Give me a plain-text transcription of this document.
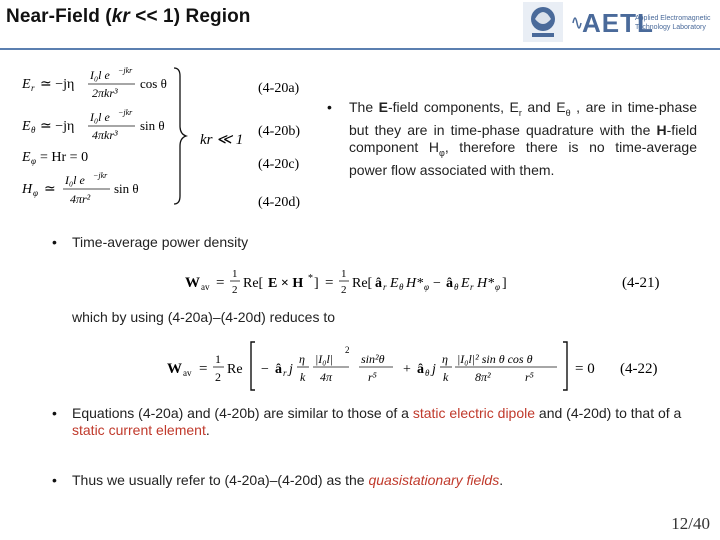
Near-Field (kr << 1) Region	AETL
Applied Electromagnetic
Technology Laboratory
E r ≃ −jη
I₀l e −jkr
2πkr³
cos θ
E θ ≃ −jη
I₀l e −jkr
4πkr³
sin θ
E φ = Hr = 0
H φ ≃
I₀l e −jkr
4πr²
sin θ
kr ≪ 1
(4-20a)
(4-20b)
(4-20c)
(4-20d)
• The E-field components, $E_r$ and $E_\theta$ , are in time-phase but they are in time-phase quadrature with the H-field component $H_\varphi$, therefore there is no time-average power flow associated with them.
• Time-average power density
W av =
1
2 Re[ E × H * ] =
1
2 Re[ â r E θ H* φ − â θ E r H* φ ]	(4-21)
which by using (4-20a)–(4-20d) reduces to
W av =
1
2 Re − â r j
η
k
|I₀l|
2
4π
sin²θ
r⁵ + â θ j
η
k
|I₀l|² sin θ cos θ
8π²	r⁵	= 0 (4-22)
• Equations (4-20a) and (4-20b) are similar to those of a static electric dipole and (4-20d) to that of a static current element.
• Thus we usually refer to (4-20a)–(4-20d) as the quasistationary fields.
12/40
